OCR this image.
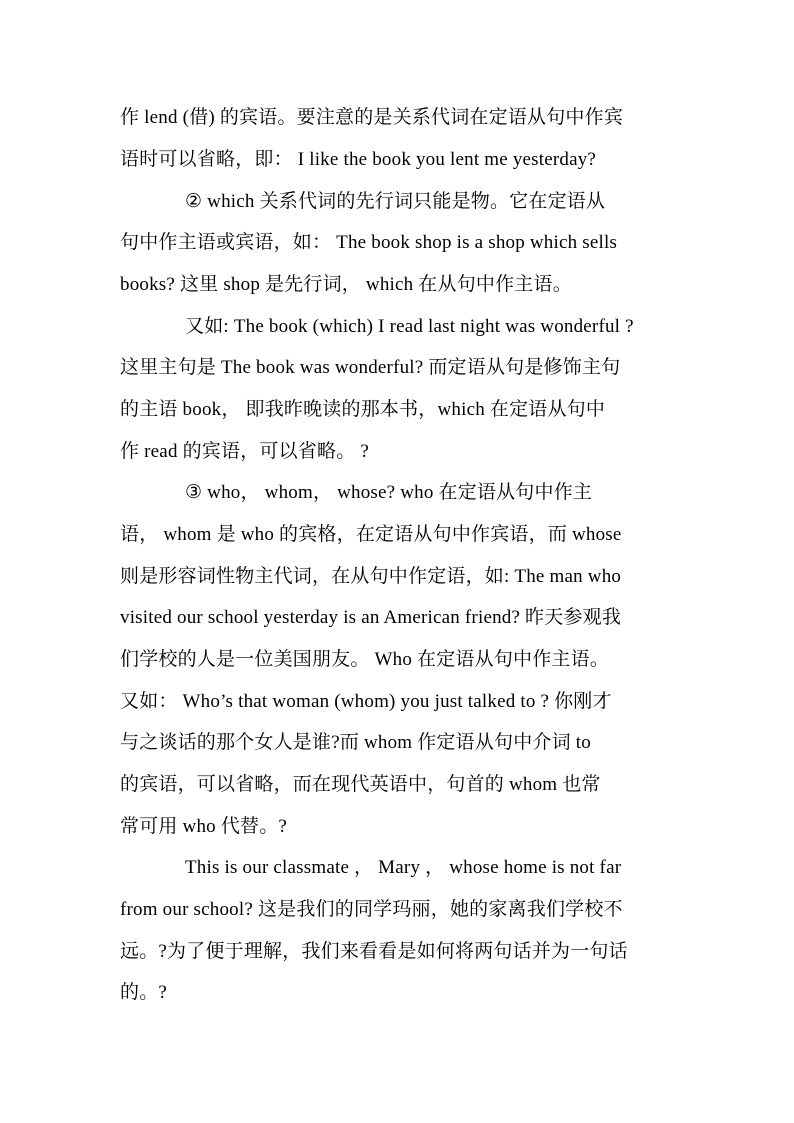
作 lend (借) 的宾语。要注意的是关系代词在定语从句中作宾
语时可以省略，即： I like the book you lent me yesterday?
② which 关系代词的先行词只能是物。它在定语从
句中作主语或宾语，如： The book shop is a shop which sells
books? 这里 shop 是先行词， which 在从句中作主语。
又如: The book (which) I read last night was wonderful ?
这里主句是 The book was wonderful? 而定语从句是修饰主句
的主语 book， 即我昨晚读的那本书，which 在定语从句中
作 read 的宾语，可以省略。 ?
③ who， whom， whose? who 在定语从句中作主
语， whom 是 who 的宾格，在定语从句中作宾语，而 whose
则是形容词性物主代词，在从句中作定语，如: The man who
visited our school yesterday is an American friend? 昨天参观我
们学校的人是一位美国朋友。 Who 在定语从句中作主语。
又如： Who’s that woman (whom) you just talked to ? 你刚才
与之谈话的那个女人是谁?而 whom 作定语从句中介词 to
的宾语，可以省略，而在现代英语中，句首的 whom 也常
常可用 who 代替。?
This is our classmate ， Mary ， whose home is not far
from our school? 这是我们的同学玛丽，她的家离我们学校不
远。?为了便于理解，我们来看看是如何将两句话并为一句话
的。?
